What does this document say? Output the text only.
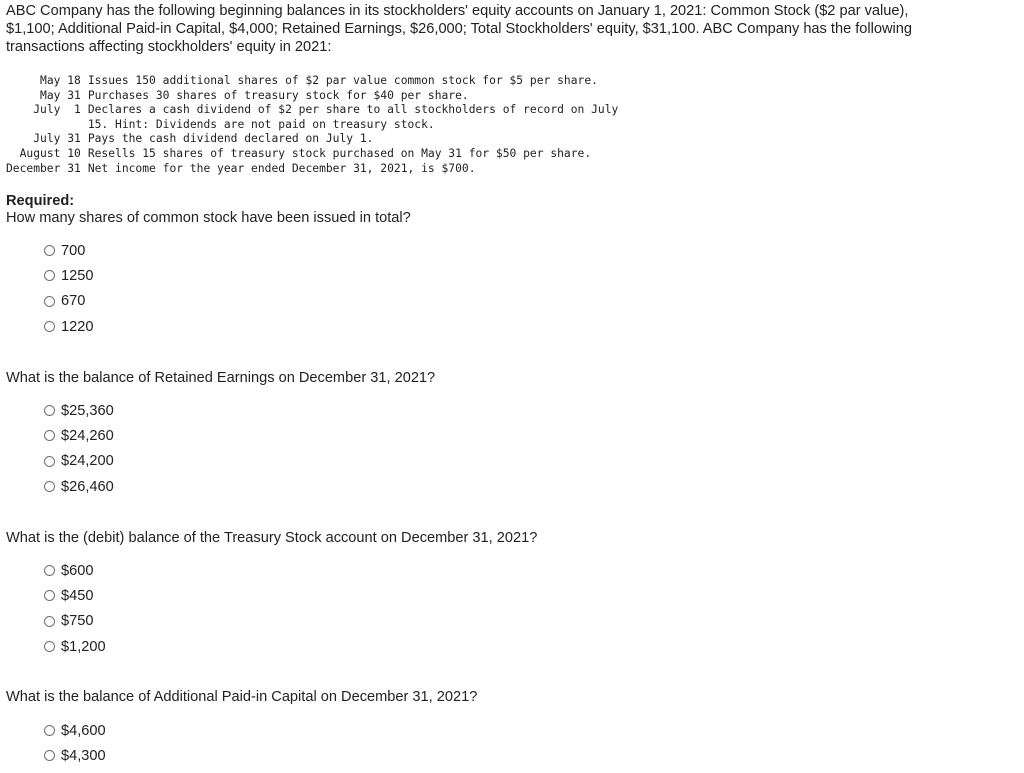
ABC Company has the following beginning balances in its stockholders' equity accounts on January 1, 2021: Common Stock ($2 par value), $1,100; Additional Paid-in Capital, $4,000; Retained Earnings, $26,000; Total Stockholders' equity, $31,100. ABC Company has the following transactions affecting stockholders' equity in 2021:

May 18	Issues 150 additional shares of $2 par value common stock for $5 per share.
May 31	Purchases 30 shares of treasury stock for $40 per share.
July  1	Declares a cash dividend of $2 per share to all stockholders of record on July
	15. Hint: Dividends are not paid on treasury stock.
July 31	Pays the cash dividend declared on July 1.
August 10	Resells 15 shares of treasury stock purchased on May 31 for $50 per share.
December 31	Net income for the year ended December 31, 2021, is $700.

Required:

How many shares of common stock have been issued in total?

700
1250
670
1220

What is the balance of Retained Earnings on December 31, 2021?

$25,360
$24,260
$24,200
$26,460

What is the (debit) balance of the Treasury Stock account on December 31, 2021?

$600
$450
$750
$1,200

What is the balance of Additional Paid-in Capital on December 31, 2021?

$4,600
$4,300
